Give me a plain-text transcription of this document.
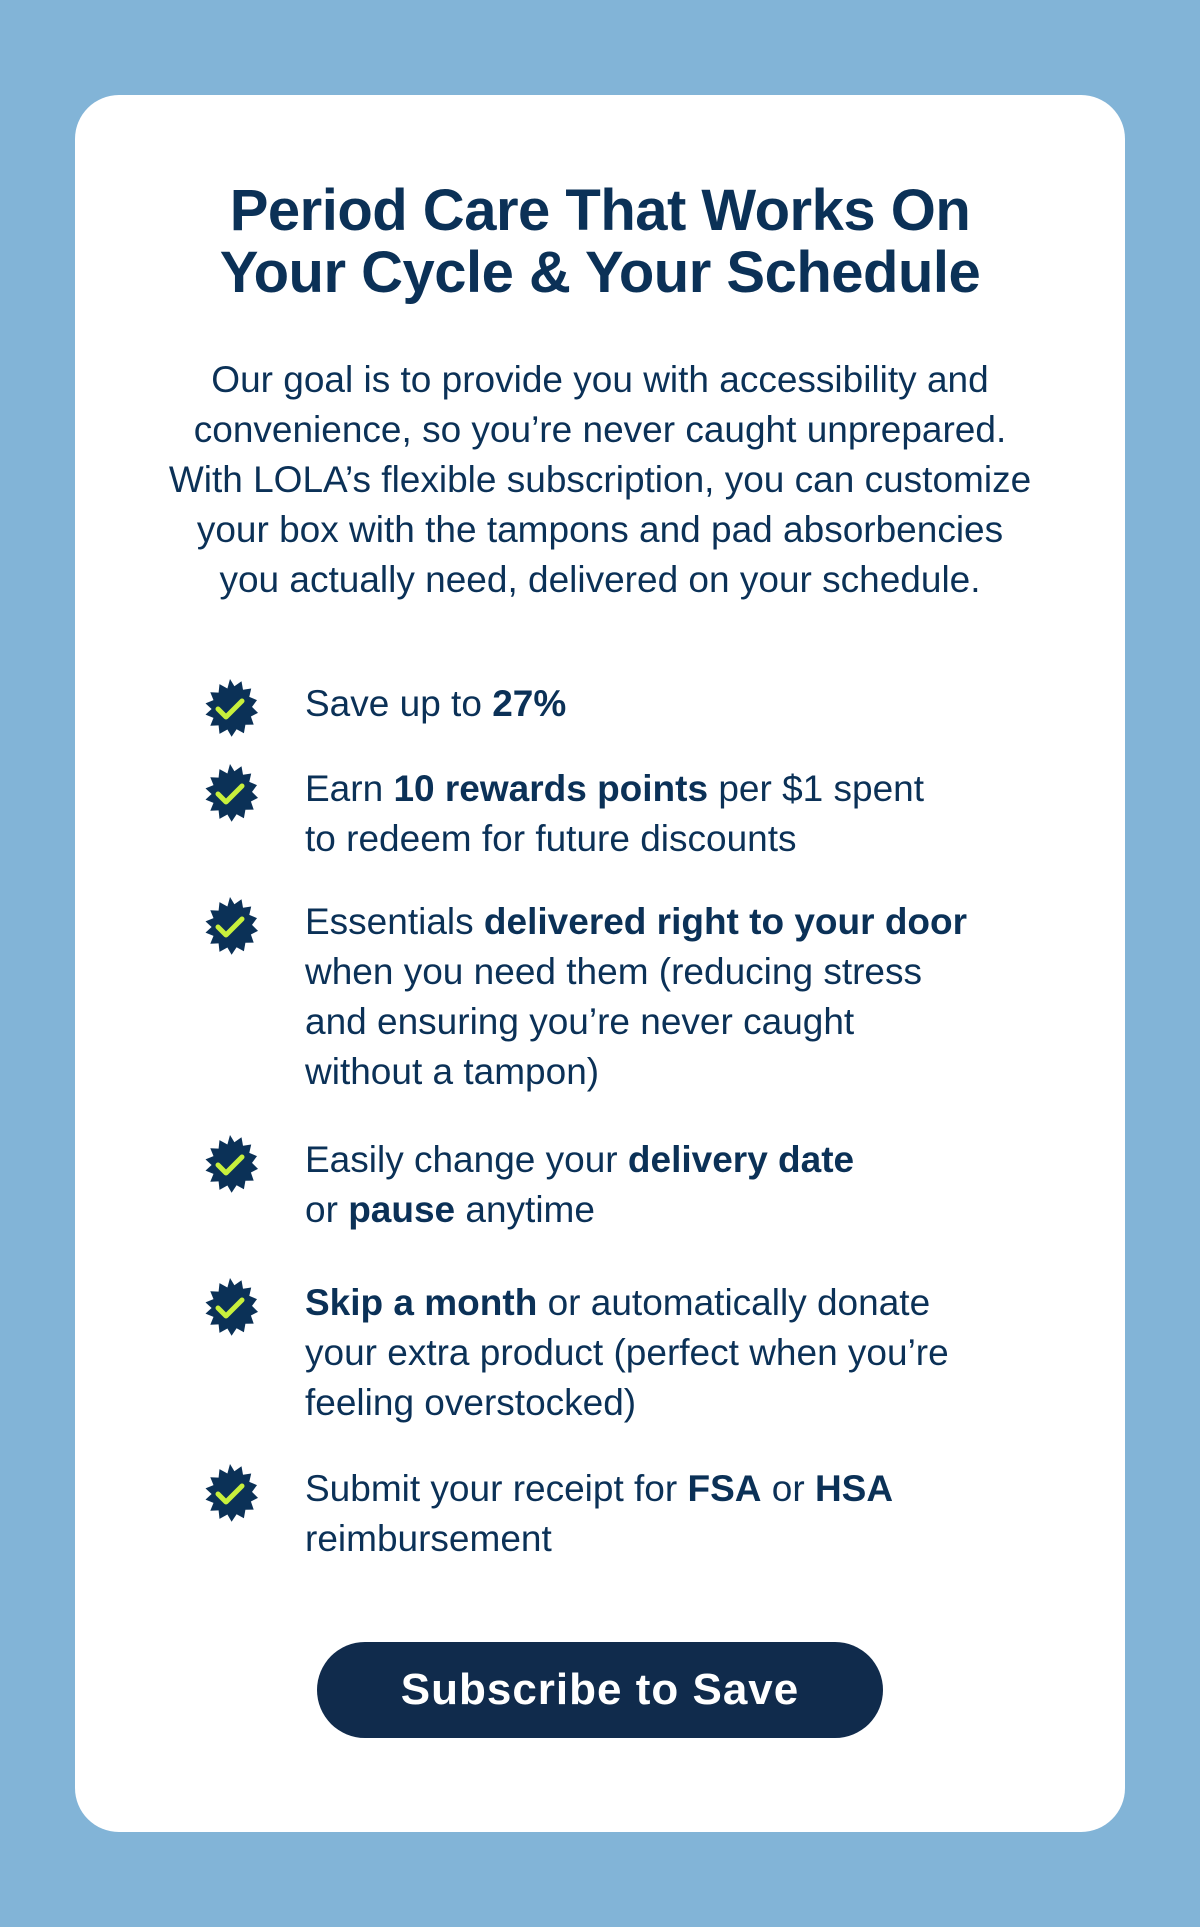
Period Care That Works On
Your Cycle & Your Schedule

Our goal is to provide you with accessibility and
convenience, so you’re never caught unprepared.
With LOLA’s flexible subscription, you can customize
your box with the tampons and pad absorbencies
you actually need, delivered on your schedule.

Save up to 27%
Earn 10 rewards points per $1 spent
to redeem for future discounts
Essentials delivered right to your door
when you need them (reducing stress
and ensuring you’re never caught
without a tampon)
Easily change your delivery date
or pause anytime
Skip a month or automatically donate
your extra product (perfect when you’re
feeling overstocked)
Submit your receipt for FSA or HSA
reimbursement
Subscribe to Save
